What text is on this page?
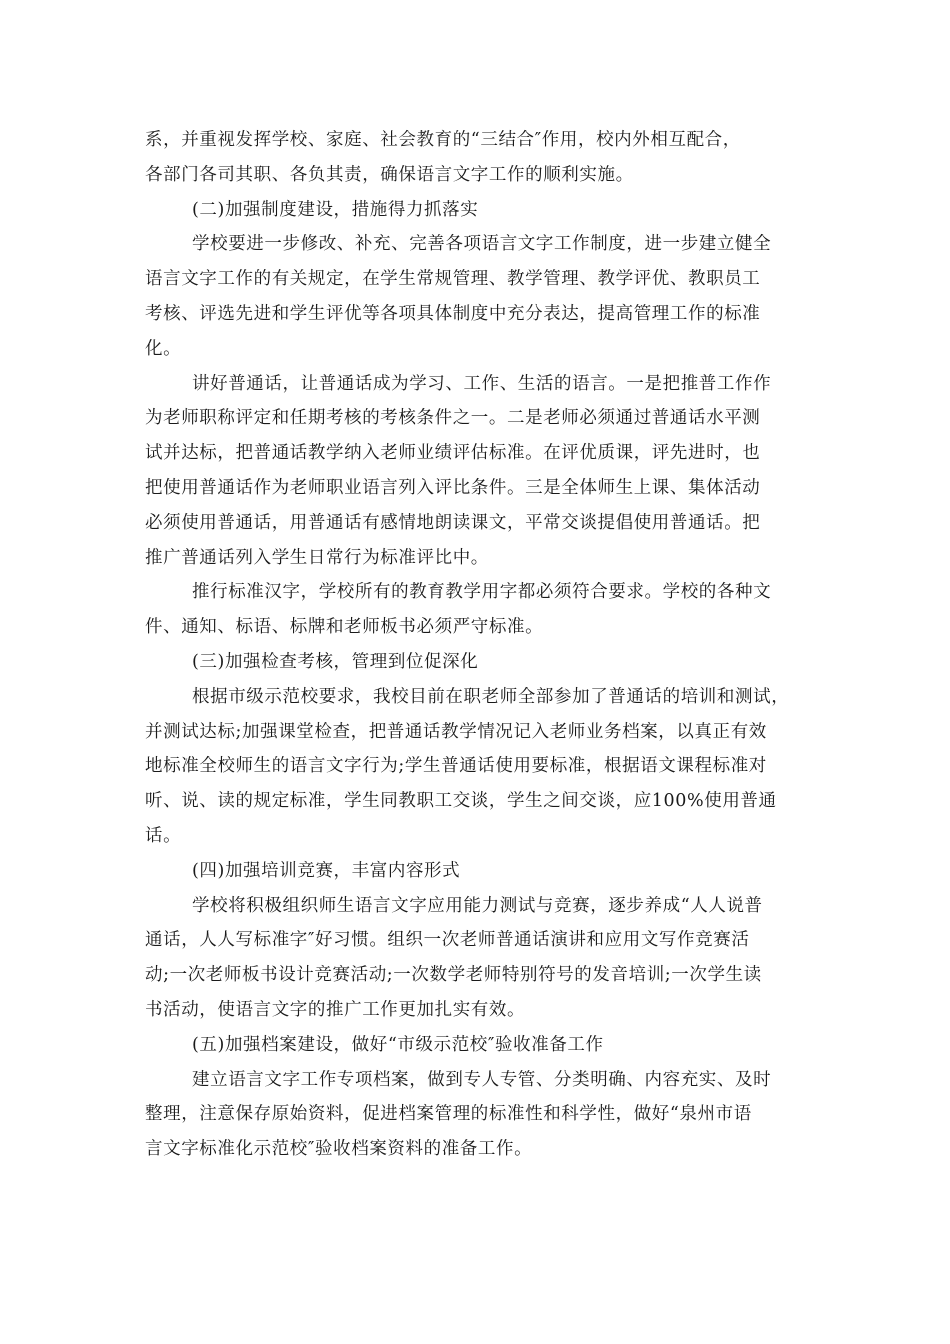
系，并重视发挥学校、家庭、社会教育的“三结合″作用，校内外相互配合，
各部门各司其职、各负其责，确保语言文字工作的顺利实施。
(二)加强制度建设，措施得力抓落实
学校要进一步修改、补充、完善各项语言文字工作制度，进一步建立健全
语言文字工作的有关规定，在学生常规管理、教学管理、教学评优、教职员工
考核、评选先进和学生评优等各项具体制度中充分表达，提高管理工作的标准
化。
讲好普通话，让普通话成为学习、工作、生活的语言。一是把推普工作作
为老师职称评定和任期考核的考核条件之一。二是老师必须通过普通话水平测
试并达标，把普通话教学纳入老师业绩评估标准。在评优质课，评先进时，也
把使用普通话作为老师职业语言列入评比条件。三是全体师生上课、集体活动
必须使用普通话，用普通话有感情地朗读课文，平常交谈提倡使用普通话。把
推广普通话列入学生日常行为标准评比中。
推行标准汉字，学校所有的教育教学用字都必须符合要求。学校的各种文
件、通知、标语、标牌和老师板书必须严守标准。
(三)加强检查考核，管理到位促深化
根据市级示范校要求，我校目前在职老师全部参加了普通话的培训和测试，
并测试达标;加强课堂检查，把普通话教学情况记入老师业务档案，以真正有效
地标准全校师生的语言文字行为;学生普通话使用要标准，根据语文课程标准对
听、说、读的规定标准，学生同教职工交谈，学生之间交谈，应100%使用普通
话。
(四)加强培训竞赛，丰富内容形式
学校将积极组织师生语言文字应用能力测试与竞赛，逐步养成“人人说普
通话，人人写标准字″好习惯。组织一次老师普通话演讲和应用文写作竞赛活
动;一次老师板书设计竞赛活动;一次数学老师特别符号的发音培训;一次学生读
书活动，使语言文字的推广工作更加扎实有效。
(五)加强档案建设，做好“市级示范校″验收准备工作
建立语言文字工作专项档案，做到专人专管、分类明确、内容充实、及时
整理，注意保存原始资料，促进档案管理的标准性和科学性，做好“泉州市语
言文字标准化示范校″验收档案资料的准备工作。
